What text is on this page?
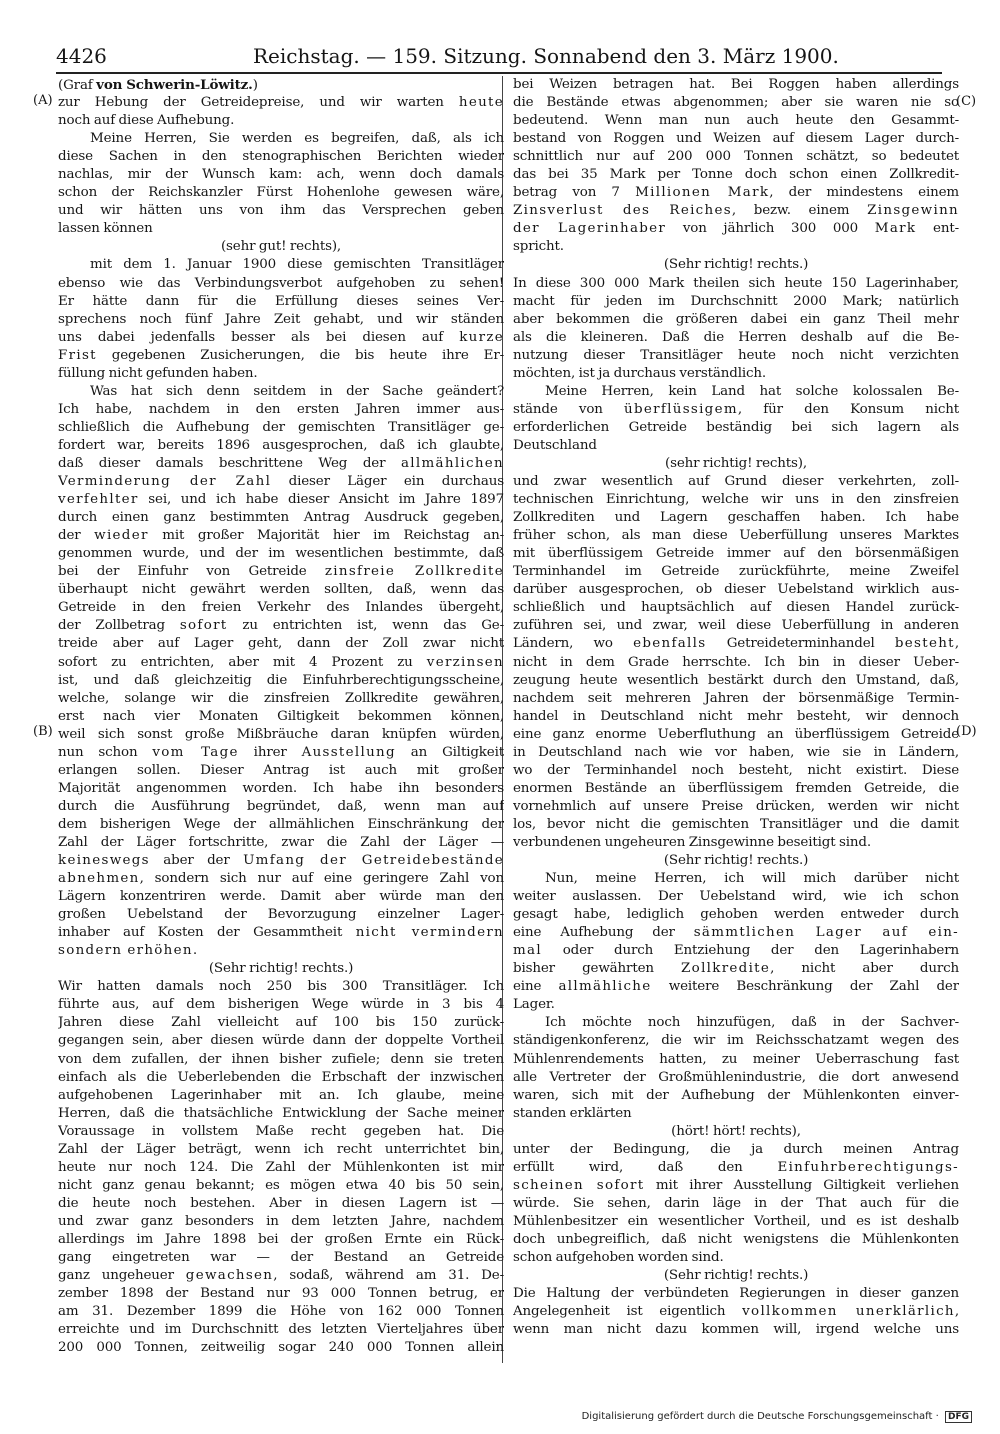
4426	Reichstag. — 159. Sitzung. Sonnabend den 3. März 1900.
(Graf von Schwerin-Löwitz.)
zur Hebung der Getreidepreise, und wir warten heute
noch auf diese Aufhebung.
Meine Herren, Sie werden es begreifen, daß, als ich
diese Sachen in den stenographischen Berichten wieder
nachlas, mir der Wunsch kam: ach, wenn doch damals
schon der Reichskanzler Fürst Hohenlohe gewesen wäre,
und wir hätten uns von ihm das Versprechen geben
lassen können
(sehr gut! rechts),
mit dem 1. Januar 1900 diese gemischten Transitläger
ebenso wie das Verbindungsverbot aufgehoben zu sehen!
Er hätte dann für die Erfüllung dieses seines Ver-
sprechens noch fünf Jahre Zeit gehabt, und wir ständen
uns dabei jedenfalls besser als bei diesen auf kurze
Frist gegebenen Zusicherungen, die bis heute ihre Er-
füllung nicht gefunden haben.
Was hat sich denn seitdem in der Sache geändert?
Ich habe, nachdem in den ersten Jahren immer aus-
schließlich die Aufhebung der gemischten Transitläger ge-
fordert war, bereits 1896 ausgesprochen, daß ich glaubte,
daß dieser damals beschrittene Weg der allmählichen
Verminderung der Zahl dieser Läger ein durchaus
verfehlter sei, und ich habe dieser Ansicht im Jahre 1897
durch einen ganz bestimmten Antrag Ausdruck gegeben,
der wieder mit großer Majorität hier im Reichstag an-
genommen wurde, und der im wesentlichen bestimmte, daß
bei der Einfuhr von Getreide zinsfreie Zollkredite
überhaupt nicht gewährt werden sollten, daß, wenn das
Getreide in den freien Verkehr des Inlandes übergeht,
der Zollbetrag sofort zu entrichten ist, wenn das Ge-
treide aber auf Lager geht, dann der Zoll zwar nicht
sofort zu entrichten, aber mit 4 Prozent zu verzinsen
ist, und daß gleichzeitig die Einfuhrberechtigungsscheine,
welche, solange wir die zinsfreien Zollkredite gewähren,
erst nach vier Monaten Giltigkeit bekommen können,
weil sich sonst große Mißbräuche daran knüpfen würden,
nun schon vom Tage ihrer Ausstellung an Giltigkeit
erlangen sollen. Dieser Antrag ist auch mit großer
Majorität angenommen worden. Ich habe ihn besonders
durch die Ausführung begründet, daß, wenn man auf
dem bisherigen Wege der allmählichen Einschränkung der
Zahl der Läger fortschritte, zwar die Zahl der Läger —
keineswegs aber der Umfang der Getreidebestände
abnehmen, sondern sich nur auf eine geringere Zahl von
Lägern konzentriren werde. Damit aber würde man den
großen Uebelstand der Bevorzugung einzelner Lager-
inhaber auf Kosten der Gesammtheit nicht vermindern
sondern erhöhen.
(Sehr richtig! rechts.)
Wir hatten damals noch 250 bis 300 Transitläger. Ich
führte aus, auf dem bisherigen Wege würde in 3 bis 4
Jahren diese Zahl vielleicht auf 100 bis 150 zurück-
gegangen sein, aber diesen würde dann der doppelte Vortheil
von dem zufallen, der ihnen bisher zufiele; denn sie treten
einfach als die Ueberlebenden die Erbschaft der inzwischen
aufgehobenen Lagerinhaber mit an. Ich glaube, meine
Herren, daß die thatsächliche Entwicklung der Sache meiner
Voraussage in vollstem Maße recht gegeben hat. Die
Zahl der Läger beträgt, wenn ich recht unterrichtet bin,
heute nur noch 124. Die Zahl der Mühlenkonten ist mir
nicht ganz genau bekannt; es mögen etwa 40 bis 50 sein,
die heute noch bestehen. Aber in diesen Lagern ist —
und zwar ganz besonders in dem letzten Jahre, nachdem
allerdings im Jahre 1898 bei der großen Ernte ein Rück-
gang eingetreten war — der Bestand an Getreide
ganz ungeheuer gewachsen, sodaß, während am 31. De-
zember 1898 der Bestand nur 93 000 Tonnen betrug, er
am 31. Dezember 1899 die Höhe von 162 000 Tonnen
erreichte und im Durchschnitt des letzten Vierteljahres über
200 000 Tonnen, zeitweilig sogar 240 000 Tonnen allein
bei Weizen betragen hat. Bei Roggen haben allerdings
die Bestände etwas abgenommen; aber sie waren nie so
bedeutend. Wenn man nun auch heute den Gesammt-
bestand von Roggen und Weizen auf diesem Lager durch-
schnittlich nur auf 200 000 Tonnen schätzt, so bedeutet
das bei 35 Mark per Tonne doch schon einen Zollkredit-
betrag von 7 Millionen Mark, der mindestens einem
Zinsverlust des Reiches, bezw. einem Zinsgewinn
der Lagerinhaber von jährlich 300 000 Mark ent-
spricht.
(Sehr richtig! rechts.)
In diese 300 000 Mark theilen sich heute 150 Lagerinhaber,
macht für jeden im Durchschnitt 2000 Mark; natürlich
aber bekommen die größeren dabei ein ganz Theil mehr
als die kleineren. Daß die Herren deshalb auf die Be-
nutzung dieser Transitläger heute noch nicht verzichten
möchten, ist ja durchaus verständlich.
Meine Herren, kein Land hat solche kolossalen Be-
stände von überflüssigem, für den Konsum nicht
erforderlichen Getreide beständig bei sich lagern als
Deutschland
(sehr richtig! rechts),
und zwar wesentlich auf Grund dieser verkehrten, zoll-
technischen Einrichtung, welche wir uns in den zinsfreien
Zollkrediten und Lagern geschaffen haben. Ich habe
früher schon, als man diese Ueberfüllung unseres Marktes
mit überflüssigem Getreide immer auf den börsenmäßigen
Terminhandel im Getreide zurückführte, meine Zweifel
darüber ausgesprochen, ob dieser Uebelstand wirklich aus-
schließlich und hauptsächlich auf diesen Handel zurück-
zuführen sei, und zwar, weil diese Ueberfüllung in anderen
Ländern, wo ebenfalls Getreideterminhandel besteht,
nicht in dem Grade herrschte. Ich bin in dieser Ueber-
zeugung heute wesentlich bestärkt durch den Umstand, daß,
nachdem seit mehreren Jahren der börsenmäßige Termin-
handel in Deutschland nicht mehr besteht, wir dennoch
eine ganz enorme Ueberfluthung an überflüssigem Getreide
in Deutschland nach wie vor haben, wie sie in Ländern,
wo der Terminhandel noch besteht, nicht existirt. Diese
enormen Bestände an überflüssigem fremden Getreide, die
vornehmlich auf unsere Preise drücken, werden wir nicht
los, bevor nicht die gemischten Transitläger und die damit
verbundenen ungeheuren Zinsgewinne beseitigt sind.
(Sehr richtig! rechts.)
Nun, meine Herren, ich will mich darüber nicht
weiter auslassen. Der Uebelstand wird, wie ich schon
gesagt habe, lediglich gehoben werden entweder durch
eine Aufhebung der sämmtlichen Lager auf ein-
mal oder durch Entziehung der den Lagerinhabern
bisher gewährten Zollkredite, nicht aber durch
eine allmähliche weitere Beschränkung der Zahl der
Lager.
Ich möchte noch hinzufügen, daß in der Sachver-
ständigenkonferenz, die wir im Reichsschatzamt wegen des
Mühlenrendements hatten, zu meiner Ueberraschung fast
alle Vertreter der Großmühlenindustrie, die dort anwesend
waren, sich mit der Aufhebung der Mühlenkonten einver-
standen erklärten
(hört! hört! rechts),
unter der Bedingung, die ja durch meinen Antrag
erfüllt wird, daß den Einfuhrberechtigungs-
scheinen sofort mit ihrer Ausstellung Giltigkeit verliehen
würde. Sie sehen, darin läge in der That auch für die
Mühlenbesitzer ein wesentlicher Vortheil, und es ist deshalb
doch unbegreiflich, daß nicht wenigstens die Mühlenkonten
schon aufgehoben worden sind.
(Sehr richtig! rechts.)
Die Haltung der verbündeten Regierungen in dieser ganzen
Angelegenheit ist eigentlich vollkommen unerklärlich,
wenn man nicht dazu kommen will, irgend welche uns
(A)
(B)
(C)
(D)
Digitalisierung gefördert durch die Deutsche Forschungsgemeinschaft · DFG
